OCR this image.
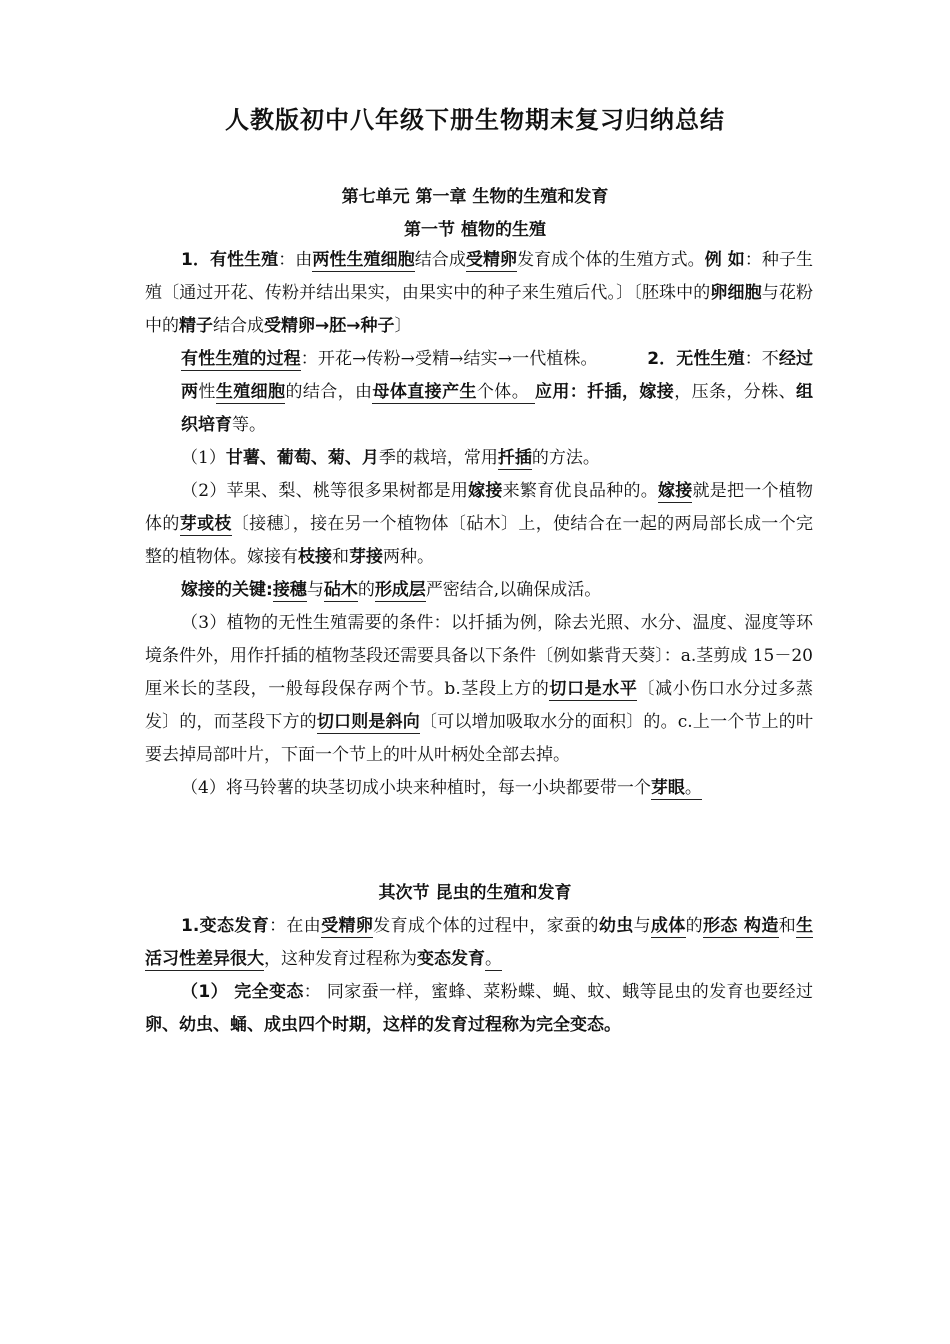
人教版初中八年级下册生物期末复习归纳总结
第七单元 第一章 生物的生殖和发育
第一节 植物的生殖

1．有性生殖：由两性生殖细胞结合成受精卵发育成个体的生殖方式。例 如：种子生殖〔通过开花、传粉并结出果实，由果实中的种子来生殖后代。〕〔胚珠中的卵细胞与花粉中的精子结合成受精卵→胚→种子〕

有性生殖的过程：开花→传粉→受精→结实→一代植株。	2．无性生殖：不经过两性生殖细胞的结合，由母体直接产生个体。 应用：扦插，嫁接，压条，分株、组织培育等。

（1）甘薯、葡萄、菊、月季的栽培，常用扦插的方法。

（2）苹果、梨、桃等很多果树都是用嫁接来繁育优良品种的。嫁接就是把一个植物体的芽或枝〔接穗〕，接在另一个植物体〔砧木〕上，使结合在一起的两局部长成一个完整的植物体。嫁接有枝接和芽接两种。

嫁接的关键:接穗与砧木的形成层严密结合,以确保成活。

（3）植物的无性生殖需要的条件：以扦插为例，除去光照、水分、温度、湿度等环境条件外，用作扦插的植物茎段还需要具备以下条件〔例如紫背天葵〕：a.茎剪成 15－20 厘米长的茎段，一般每段保存两个节。b.茎段上方的切口是水平〔减小伤口水分过多蒸发〕的，而茎段下方的切口则是斜向〔可以增加吸取水分的面积〕的。c.上一个节上的叶要去掉局部叶片，下面一个节上的叶从叶柄处全部去掉。

（4）将马铃薯的块茎切成小块来种植时，每一小块都要带一个芽眼。

其次节 昆虫的生殖和发育

1.变态发育：在由受精卵发育成个体的过程中，家蚕的幼虫与成体的形态 构造和生活习性差异很大，这种发育过程称为变态发育。

（1） 完全变态： 同家蚕一样，蜜蜂、菜粉蝶、蝇、蚊、蛾等昆虫的发育也要经过卵、幼虫、蛹、成虫四个时期，这样的发育过程称为完全变态。
